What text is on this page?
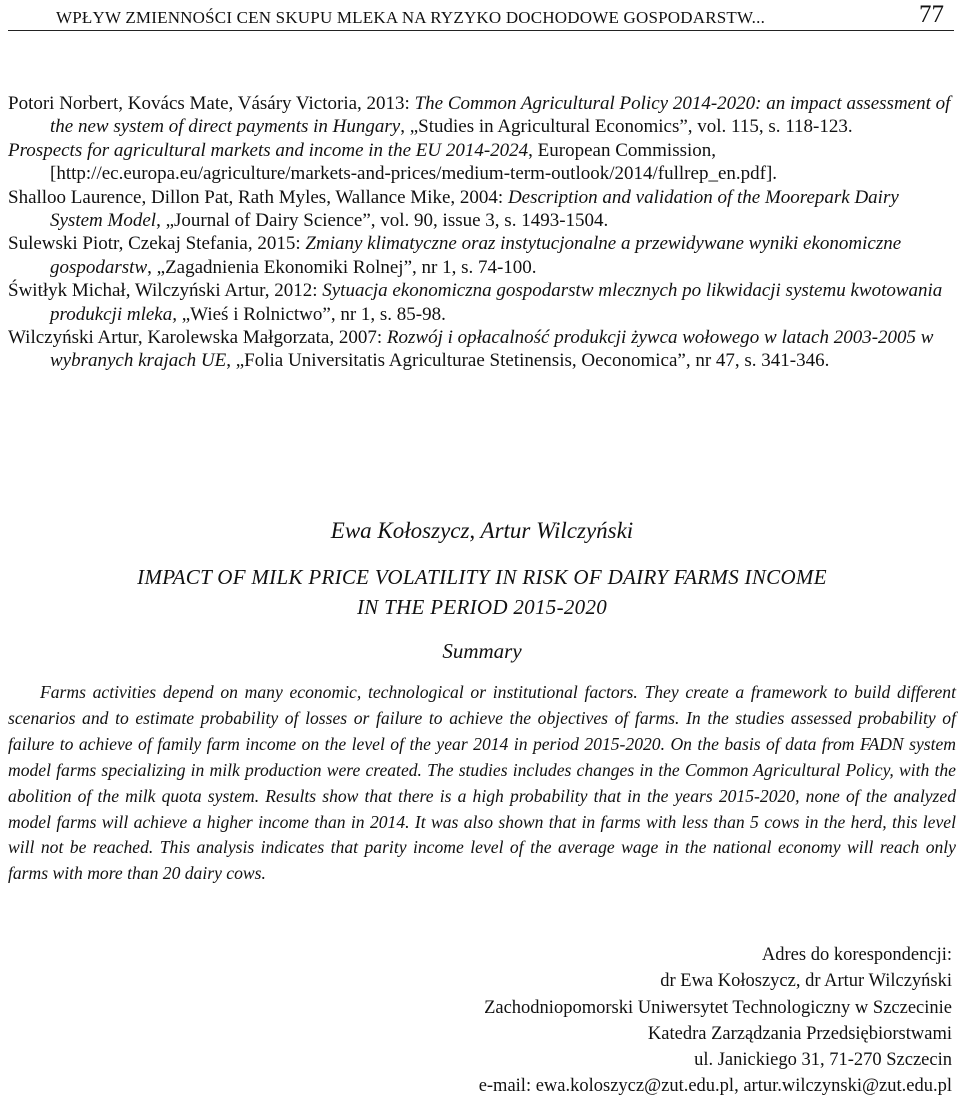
WPŁYW ZMIENNOŚCI CEN SKUPU MLEKA NA RYZYKO DOCHODOWE GOSPODARSTW...	77

Potori Norbert, Kovács Mate, Vásáry Victoria, 2013: The Common Agricultural Policy 2014-2020: an impact assessment of the new system of direct payments in Hungary, „Studies in Agricultural Economics”, vol. 115, s. 118-123.

Prospects for agricultural markets and income in the EU 2014-2024, European Commission, [http://ec.europa.eu/agriculture/markets-and-prices/medium-term-outlook/2014/fullrep_en.pdf].

Shalloo Laurence, Dillon Pat, Rath Myles, Wallance Mike, 2004: Description and validation of the Moorepark Dairy System Model, „Journal of Dairy Science”, vol. 90, issue 3, s. 1493-1504.

Sulewski Piotr, Czekaj Stefania, 2015: Zmiany klimatyczne oraz instytucjonalne a przewidywane wyniki ekonomiczne gospodarstw, „Zagadnienia Ekonomiki Rolnej”, nr 1, s. 74-100.

Świtłyk Michał, Wilczyński Artur, 2012: Sytuacja ekonomiczna gospodarstw mlecznych po likwidacji systemu kwotowania produkcji mleka, „Wieś i Rolnictwo”, nr 1, s. 85-98.

Wilczyński Artur, Karolewska Małgorzata, 2007: Rozwój i opłacalność produkcji żywca wołowego w latach 2003-2005 w wybranych krajach UE, „Folia Universitatis Agriculturae Stetinensis, Oeconomica”, nr 47, s. 341-346.

Ewa Kołoszycz, Artur Wilczyński
IMPACT OF MILK PRICE VOLATILITY IN RISK OF DAIRY FARMS INCOME
IN THE PERIOD 2015-2020
Summary

Farms activities depend on many economic, technological or institutional factors. They create a framework to build different scenarios and to estimate probability of losses or failure to achieve the objectives of farms. In the studies assessed probability of failure to achieve of family farm income on the level of the year 2014 in period 2015-2020. On the basis of data from FADN system model farms specializing in milk production were created. The studies includes changes in the Common Agricultural Policy, with the abolition of the milk quota system. Results show that there is a high probability that in the years 2015-2020, none of the analyzed model farms will achieve a higher income than in 2014. It was also shown that in farms with less than 5 cows in the herd, this level will not be reached. This analysis indicates that parity income level of the average wage in the national economy will reach only farms with more than 20 dairy cows.

Adres do korespondencji:
dr Ewa Kołoszycz, dr Artur Wilczyński
Zachodniopomorski Uniwersytet Technologiczny w Szczecinie
Katedra Zarządzania Przedsiębiorstwami
ul. Janickiego 31, 71-270 Szczecin
e-mail: ewa.koloszycz@zut.edu.pl, artur.wilczynski@zut.edu.pl
